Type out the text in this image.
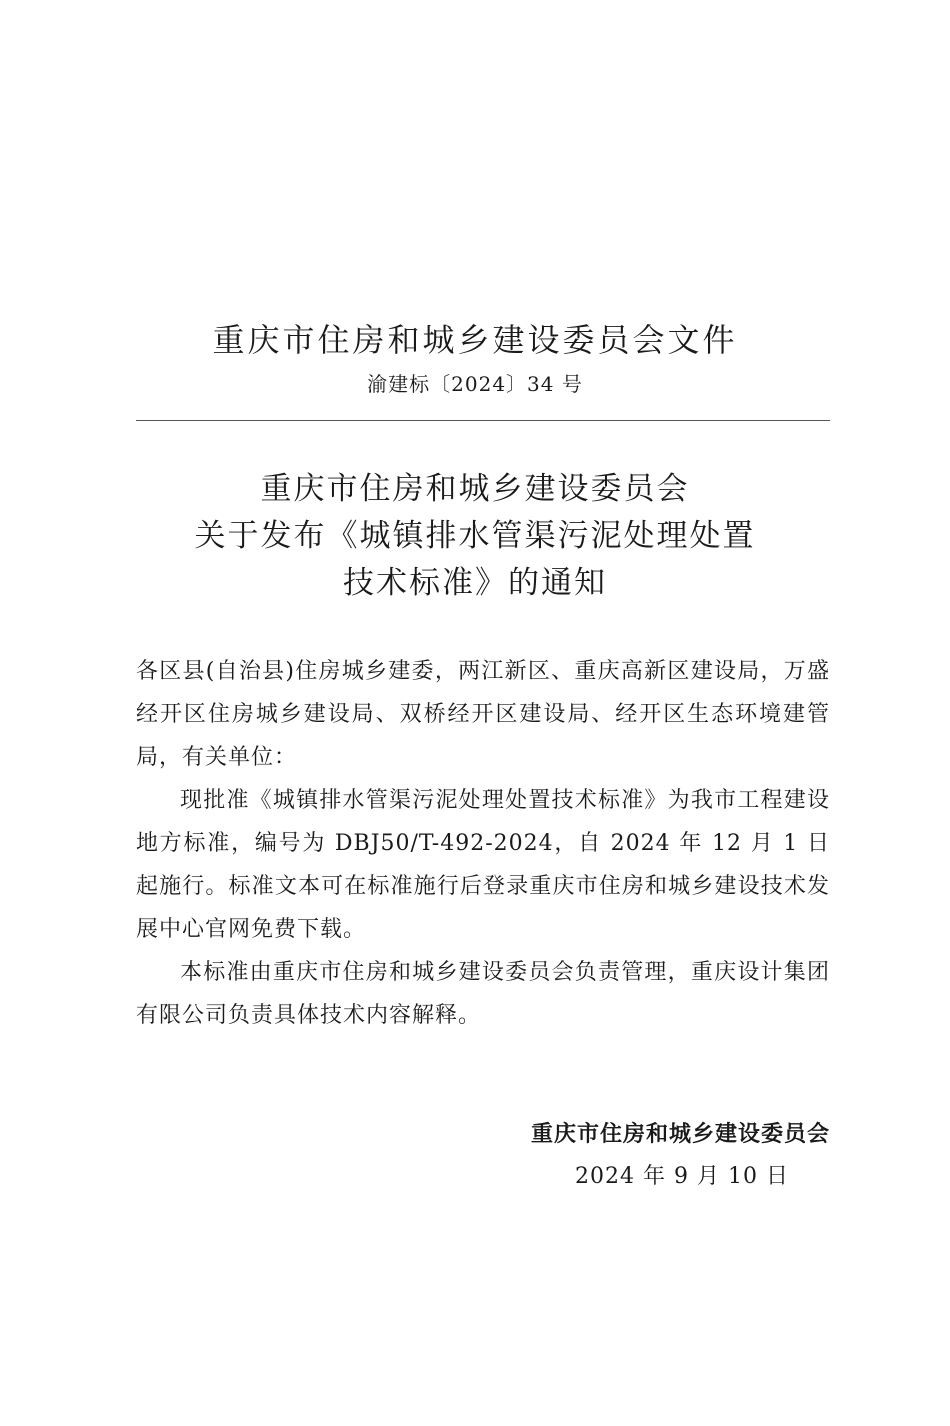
重庆市住房和城乡建设委员会文件
渝建标〔2024〕34 号
重庆市住房和城乡建设委员会
关于发布《城镇排水管渠污泥处理处置
技术标准》的通知

各区县(自治县)住房城乡建委，两江新区、重庆高新区建设局，万盛经开区住房城乡建设局、双桥经开区建设局、经开区生态环境建管局，有关单位：

现批准《城镇排水管渠污泥处理处置技术标准》为我市工程建设地方标准，编号为 DBJ50/T-492-2024，自 2024 年 12 月 1 日起施行。标准文本可在标准施行后登录重庆市住房和城乡建设技术发展中心官网免费下载。

本标准由重庆市住房和城乡建设委员会负责管理，重庆设计集团有限公司负责具体技术内容解释。

重庆市住房和城乡建设委员会
2024 年 9 月 10 日
